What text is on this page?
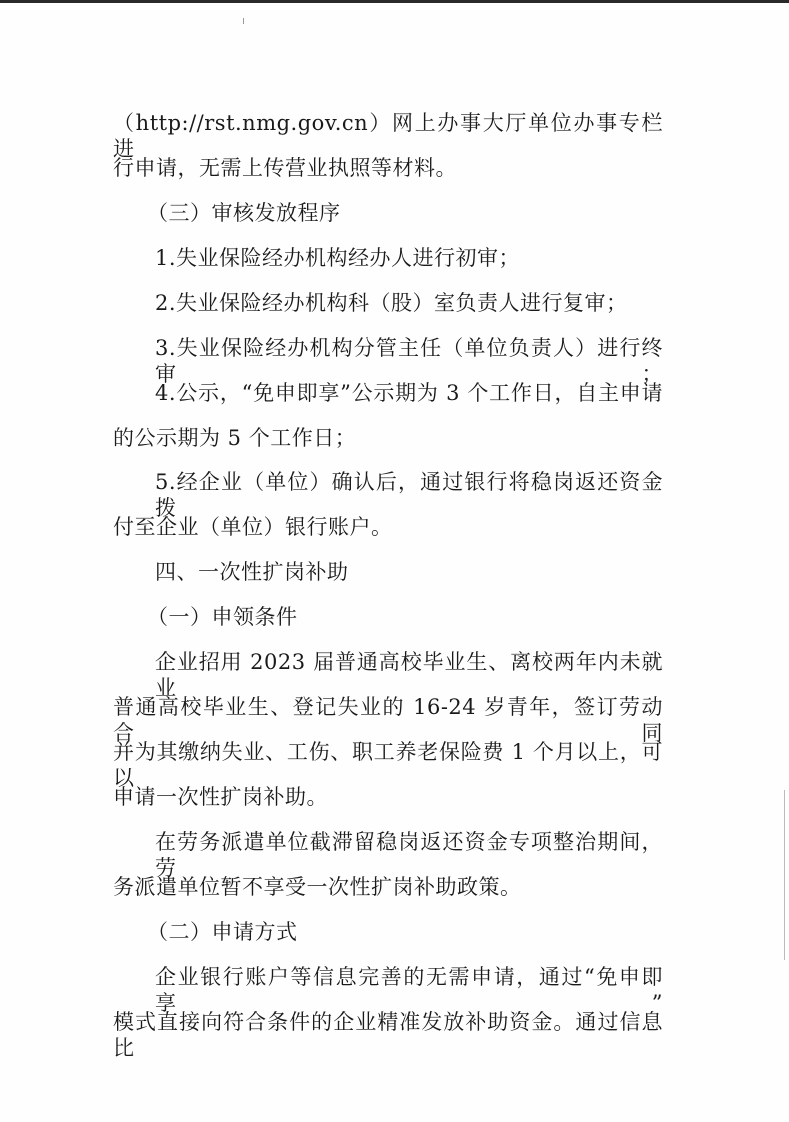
（http://rst.nmg.gov.cn）网上办事大厅单位办事专栏进
行申请，无需上传营业执照等材料。
（三）审核发放程序
1.失业保险经办机构经办人进行初审；
2.失业保险经办机构科（股）室负责人进行复审；
3.失业保险经办机构分管主任（单位负责人）进行终审；
4.公示，“免申即享”公示期为 3 个工作日，自主申请
的公示期为 5 个工作日；
5.经企业（单位）确认后，通过银行将稳岗返还资金拨
付至企业（单位）银行账户。
四、一次性扩岗补助
（一）申领条件
企业招用 2023 届普通高校毕业生、离校两年内未就业
普通高校毕业生、登记失业的 16-24 岁青年，签订劳动合同
并为其缴纳失业、工伤、职工养老保险费 1 个月以上，可以
申请一次性扩岗补助。
在劳务派遣单位截滞留稳岗返还资金专项整治期间，劳
务派遣单位暂不享受一次性扩岗补助政策。
（二）申请方式
企业银行账户等信息完善的无需申请，通过“免申即享”
模式直接向符合条件的企业精准发放补助资金。通过信息比
